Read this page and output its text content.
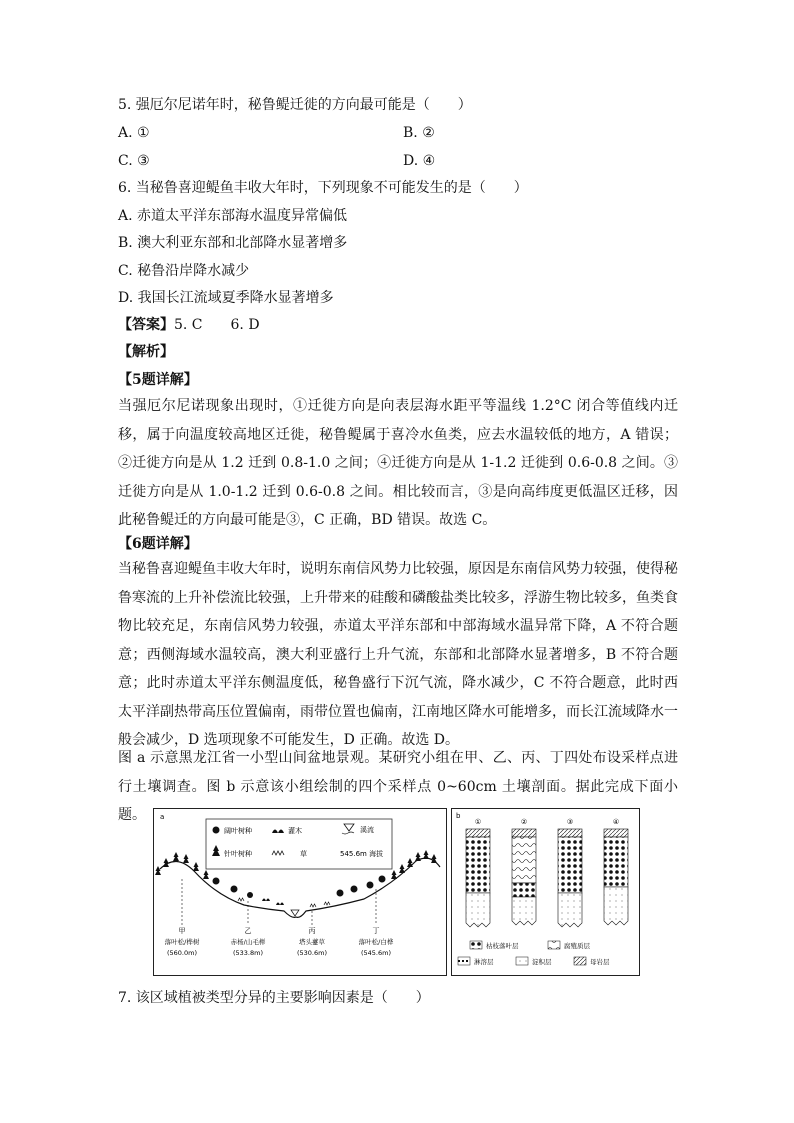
5. 强厄尔尼诺年时，秘鲁鳀迁徙的方向最可能是（　　）
A. ①	B. ②
C. ③	D. ④
6. 当秘鲁喜迎鳀鱼丰收大年时，下列现象不可能发生的是（　　）
A. 赤道太平洋东部海水温度异常偏低
B. 澳大利亚东部和北部降水显著增多
C. 秘鲁沿岸降水减少
D. 我国长江流域夏季降水显著增多
【答案】5. C　　6. D
【解析】
【5题详解】
当强厄尔尼诺现象出现时，①迁徙方向是向表层海水距平等温线 1.2°C 闭合等值线内迁移，属于向温度较高地区迁徙，秘鲁鳀属于喜冷水鱼类，应去水温较低的地方，A 错误；②迁徙方向是从 1.2 迁到 0.8-1.0 之间；④迁徙方向是从 1-1.2 迁徙到 0.6-0.8 之间。③迁徙方向是从 1.0-1.2 迁到 0.6-0.8 之间。相比较而言，③是向高纬度更低温区迁移，因此秘鲁鳀迁的方向最可能是③，C 正确，BD 错误。故选 C。
【6题详解】
当秘鲁喜迎鳀鱼丰收大年时，说明东南信风势力比较强，原因是东南信风势力较强，使得秘鲁寒流的上升补偿流比较强，上升带来的硅酸和磷酸盐类比较多，浮游生物比较多，鱼类食物比较充足，东南信风势力较强，赤道太平洋东部和中部海域水温异常下降，A 不符合题意；西侧海域水温较高，澳大利亚盛行上升气流，东部和北部降水显著增多，B 不符合题意；此时赤道太平洋东侧温度低，秘鲁盛行下沉气流，降水减少，C 不符合题意，此时西太平洋副热带高压位置偏南，雨带位置也偏南，江南地区降水可能增多，而长江流域降水一般会减少，D 选项现象不可能发生，D 正确。故选 D。
图 a 示意黑龙江省一小型山间盆地景观。某研究小组在甲、乙、丙、丁四处布设采样点进行土壤调查。图 b 示意该小组绘制的四个采样点 0~60cm 土壤剖面。据此完成下面小题。	a
阔叶树种	灌木	溪流
针叶树种	草	545.6m 海拔
甲
落叶松/桦树
(560.0m)
乙
赤杨/山毛榉
(533.8m)
丙
塔头薹草
(530.6m)
丁
落叶松/白桦
(545.6m)
b
①	②	③	④
枯枝落叶层	腐殖质层
淋溶层	淀积层	母岩层
7. 该区域植被类型分异的主要影响因素是（　　）
